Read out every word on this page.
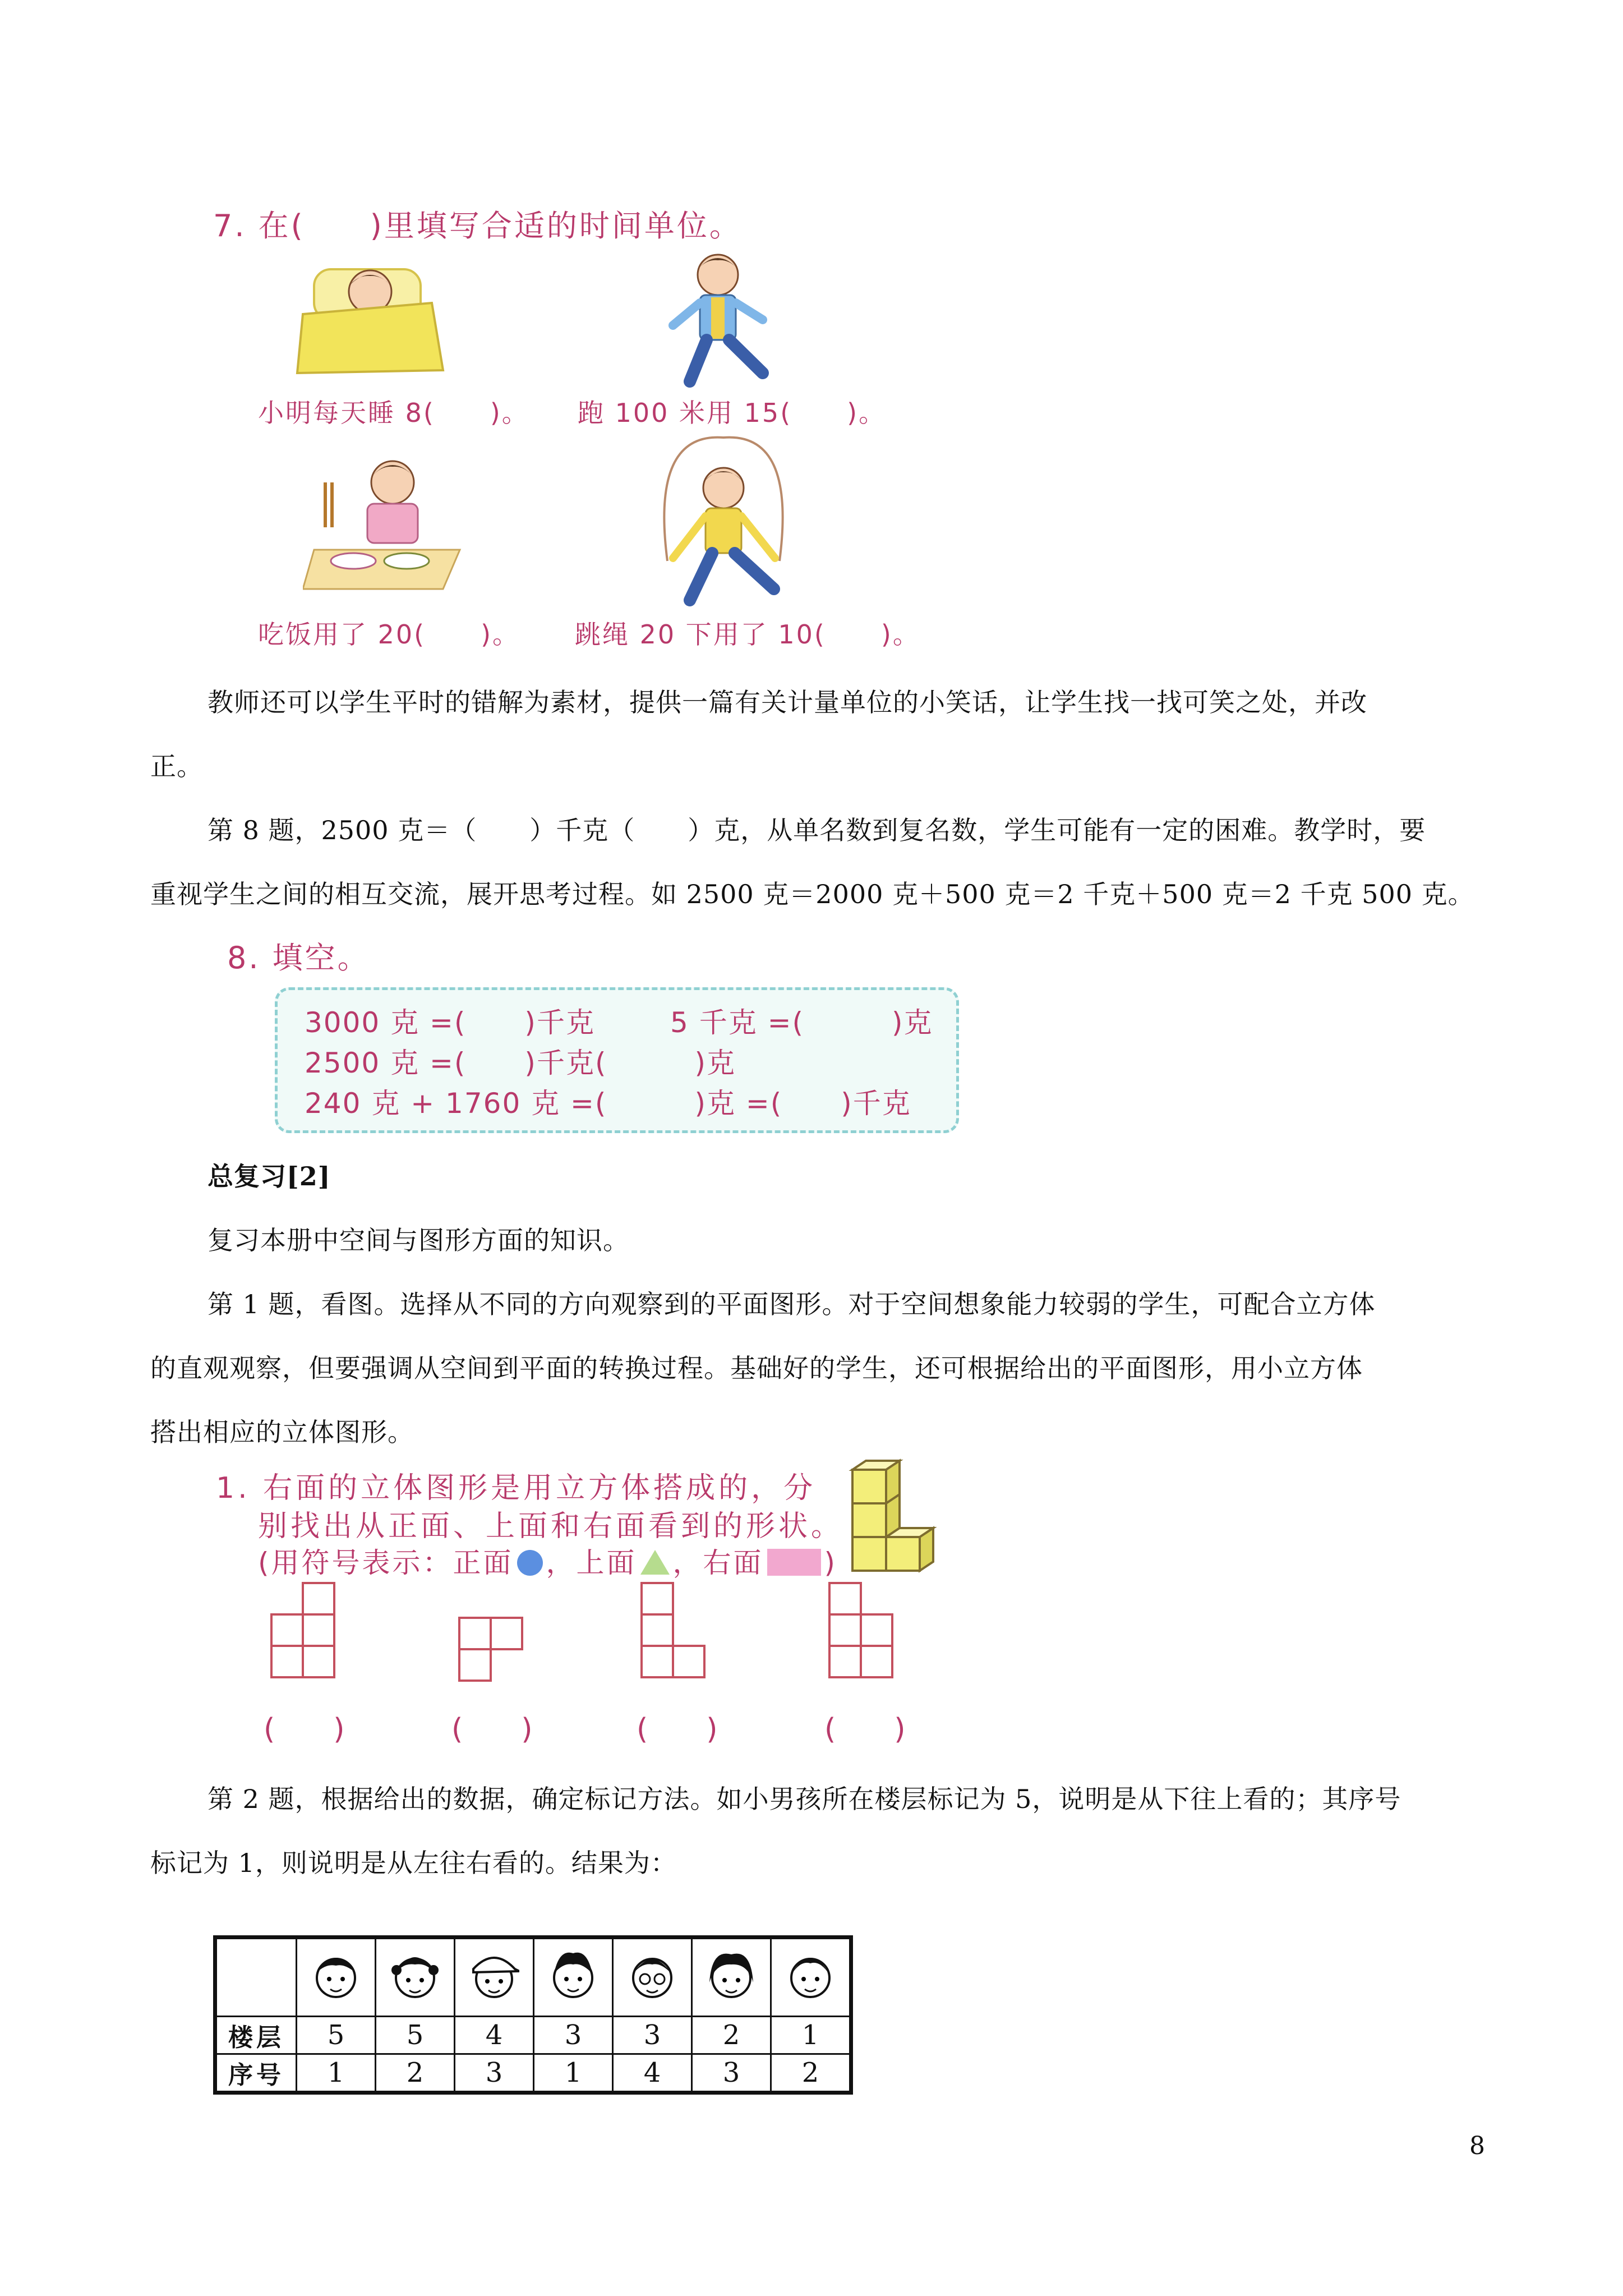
7. 在(　　)里填写合适的时间单位。
小明每天睡 8(　　)。 跑 100 米用 15(　　)。
吃饭用了 20(　　)。 跳绳 20 下用了 10(　　)。
教师还可以学生平时的错解为素材，提供一篇有关计量单位的小笑话，让学生找一找可笑之处，并改
正。
第 8 题，2500 克＝（　　）千克（　　）克，从单名数到复名数，学生可能有一定的困难。教学时，要
重视学生之间的相互交流，展开思考过程。如 2500 克＝2000 克＋500 克＝2 千克＋500 克＝2 千克 500 克。
8. 填空。
3000 克 =(　　)千克	5 千克 =(　　　)克
2500 克 =(　　)千克(　　　)克
240 克 + 1760 克 =(　　　)克 =(　　)千克
总复习[2]
复习本册中空间与图形方面的知识。
第 1 题，看图。选择从不同的方向观察到的平面图形。对于空间想象能力较弱的学生，可配合立方体
的直观观察，但要强调从空间到平面的转换过程。基础好的学生，还可根据给出的平面图形，用小立方体
搭出相应的立体图形。
1. 右面的立体图形是用立方体搭成的，分
别找出从正面、上面和右面看到的形状。
(用符号表示：正面 ，上面 ，右面 )
(　　)	(　　)	(　　)	(　　)
第 2 题，根据给出的数据，确定标记方法。如小男孩所在楼层标记为 5，说明是从下往上看的；其序号
标记为 1，则说明是从左往右看的。结果为：

楼层	5	5	4	3	3	2	1
序号	1	2	3	1	4	3	2
8
